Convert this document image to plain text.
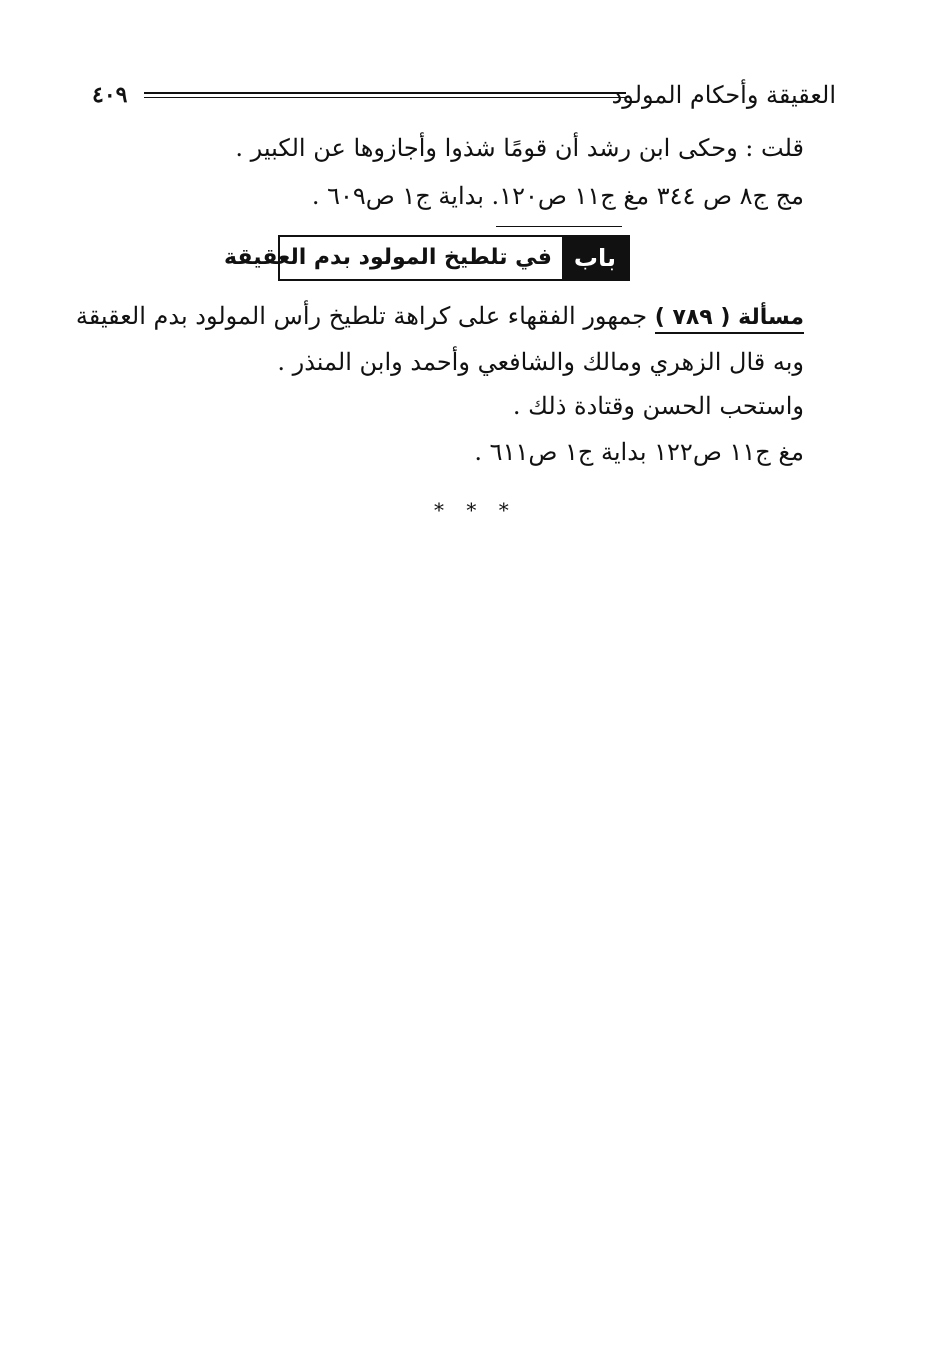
العقيقة وأحكام المولود
٤٠٩
قلت : وحكى ابن رشد أن قومًا شذوا وأجازوها عن الكبير .
مج ج٨ ص ٣٤٤ مغ ج١١ ص١٢٠. بداية ج١ ص٦٠٩ .
باب
في تلطيخ المولود بدم العقيقة
مسألة ( ٧٨٩ ) جمهور الفقهاء على كراهة تلطيخ رأس المولود بدم العقيقة
وبه قال الزهري ومالك والشافعي وأحمد وابن المنذر .
واستحب الحسن وقتادة ذلك .
مغ ج١١ ص١٢٢ بداية ج١ ص٦١١ .
* * *
